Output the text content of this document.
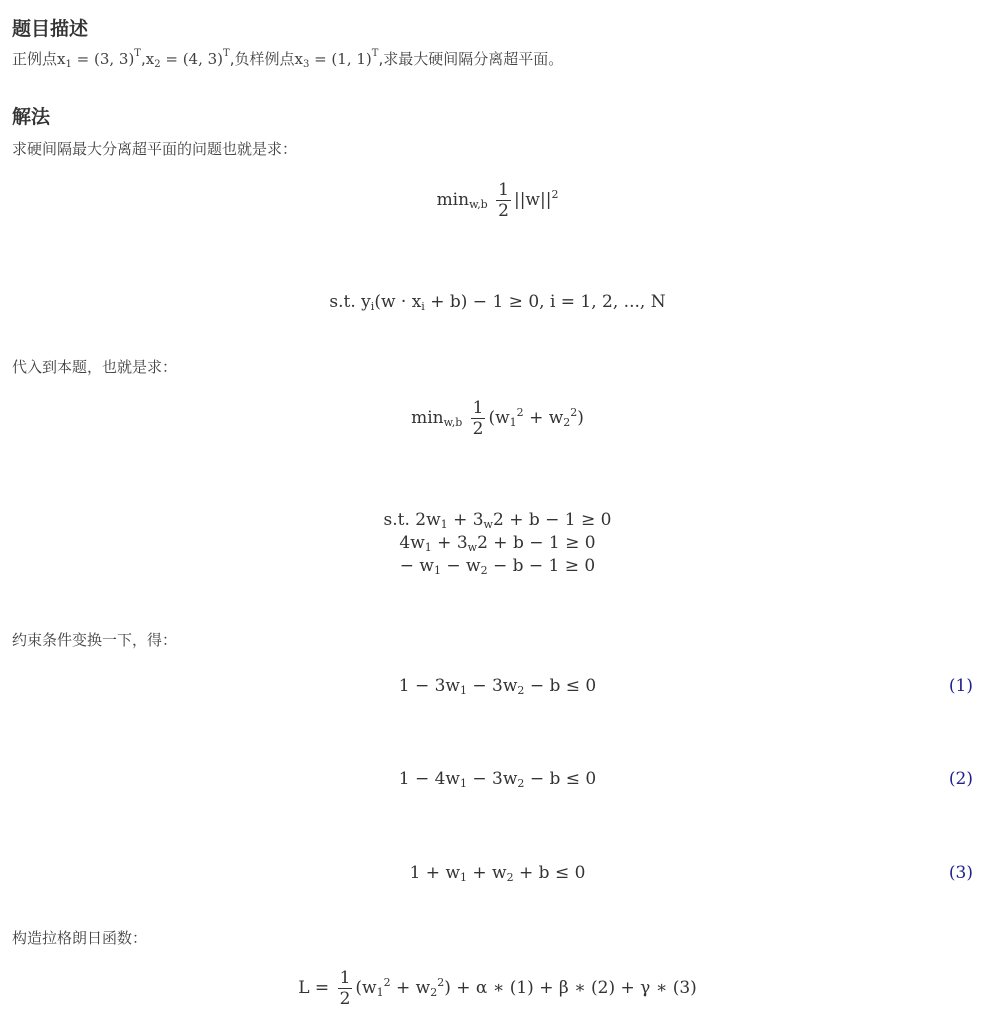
题目描述
正例点$x_1 = (3$, $3)^T,x_2 = (4$, 3)$^T$,负样例点$x_3 = (1$, 1)$^T$,求最大硬间隔分离超平面。
解法
求硬间隔最大分离超平面的问题也就是求：
$\min_{w,b} \frac{1}{2} ||w||^2$
s.t. $y_i(w \cdot x_i + b) - 1 \ge 0$, i = 1, 2, ..., N
代入到本题，也就是求：
$\min_{w,b} \frac{1}{2} (w_1^2 + w_2^2)$
s.t. $2w_1 + 3_w2 + b - 1 \ge 0$
$4w_1 + 3_w2 + b - 1 \ge 0$
− $w_1 - w_2 - b - 1 \ge 0$
约束条件变换一下，得：
$1 - 3w_1 - 3w_2 - b \le 0$	(1)
$1 - 4w_1 - 3w_2 - b \le 0$	(2)
$1 + w_1 + w_2 + b \le 0$	(3)
构造拉格朗日函数：
$L = \frac{1}{2} (w_1^2 + w_2^2) + \alpha$ ∗ (1) + β ∗ (2) + γ ∗ (3)
